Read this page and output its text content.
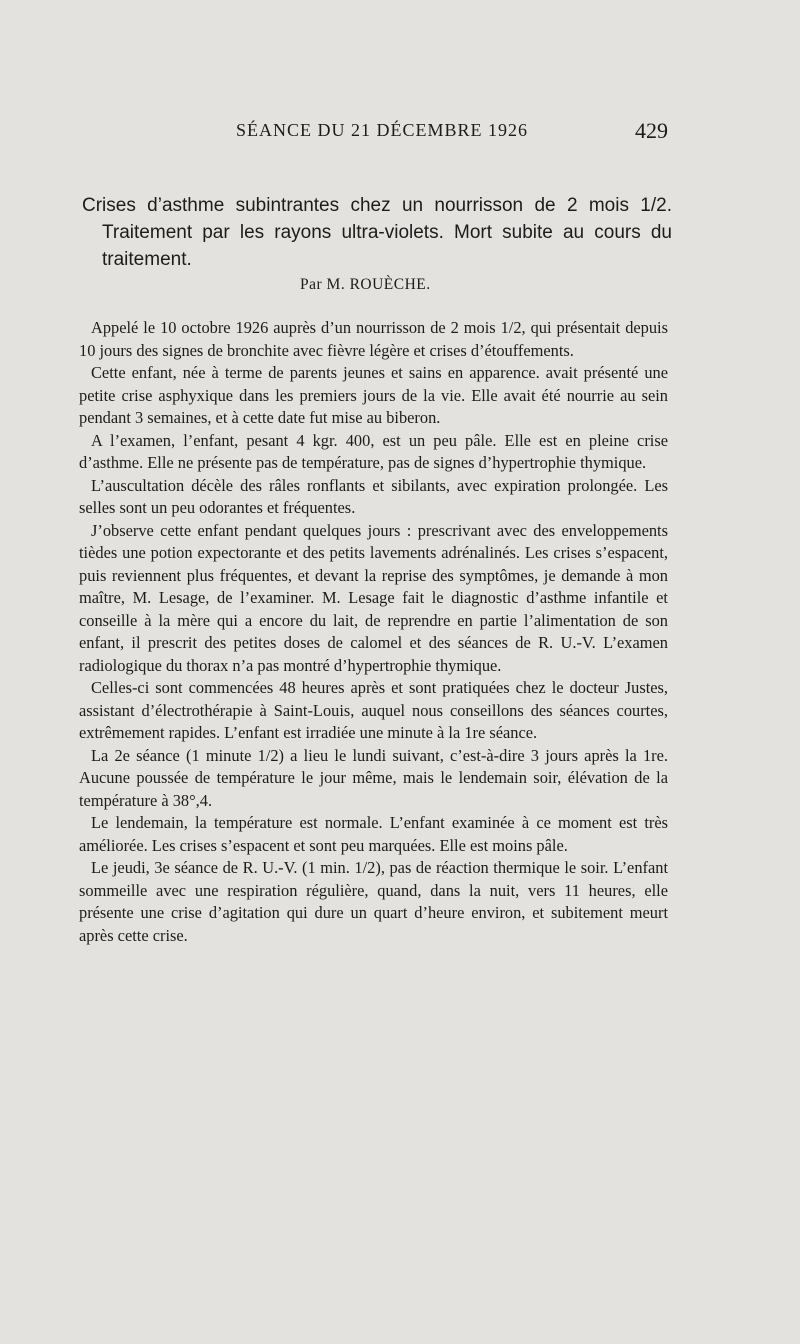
SÉANCE DU 21 DÉCEMBRE 1926	429
Crises d’asthme subintrantes chez un nourrisson de 2 mois 1/2. Traitement par les rayons ultra-violets. Mort subite au cours du traitement.
Par M. ROUÈCHE.

Appelé le 10 octobre 1926 auprès d’un nourrisson de 2 mois 1/2, qui présentait depuis 10 jours des signes de bronchite avec fièvre légère et crises d’étouffements.

Cette enfant, née à terme de parents jeunes et sains en apparence. avait présenté une petite crise asphyxique dans les premiers jours de la vie. Elle avait été nourrie au sein pendant 3 semaines, et à cette date fut mise au biberon.

A l’examen, l’enfant, pesant 4 kgr. 400, est un peu pâle. Elle est en pleine crise d’asthme. Elle ne présente pas de température, pas de signes d’hypertrophie thymique.

L’auscultation décèle des râles ronflants et sibilants, avec expiration prolongée. Les selles sont un peu odorantes et fréquentes.

J’observe cette enfant pendant quelques jours : prescrivant avec des enveloppements tièdes une potion expectorante et des petits lavements adrénalinés. Les crises s’espacent, puis reviennent plus fréquentes, et devant la reprise des symptômes, je demande à mon maître, M. Lesage, de l’examiner. M. Lesage fait le diagnostic d’asthme infantile et conseille à la mère qui a encore du lait, de reprendre en partie l’alimentation de son enfant, il prescrit des petites doses de calomel et des séances de R. U.-V. L’examen radiologique du thorax n’a pas montré d’hypertrophie thymique.

Celles-ci sont commencées 48 heures après et sont pratiquées chez le docteur Justes, assistant d’électrothérapie à Saint-Louis, auquel nous conseillons des séances courtes, extrêmement rapides. L’enfant est irradiée une minute à la 1re séance.

La 2e séance (1 minute 1/2) a lieu le lundi suivant, c’est-à-dire 3 jours après la 1re. Aucune poussée de température le jour même, mais le lendemain soir, élévation de la température à 38°,4.

Le lendemain, la température est normale. L’enfant examinée à ce moment est très améliorée. Les crises s’espacent et sont peu marquées. Elle est moins pâle.

Le jeudi, 3e séance de R. U.-V. (1 min. 1/2), pas de réaction thermique le soir. L’enfant sommeille avec une respiration régulière, quand, dans la nuit, vers 11 heures, elle présente une crise d’agitation qui dure un quart d’heure environ, et subitement meurt après cette crise.
